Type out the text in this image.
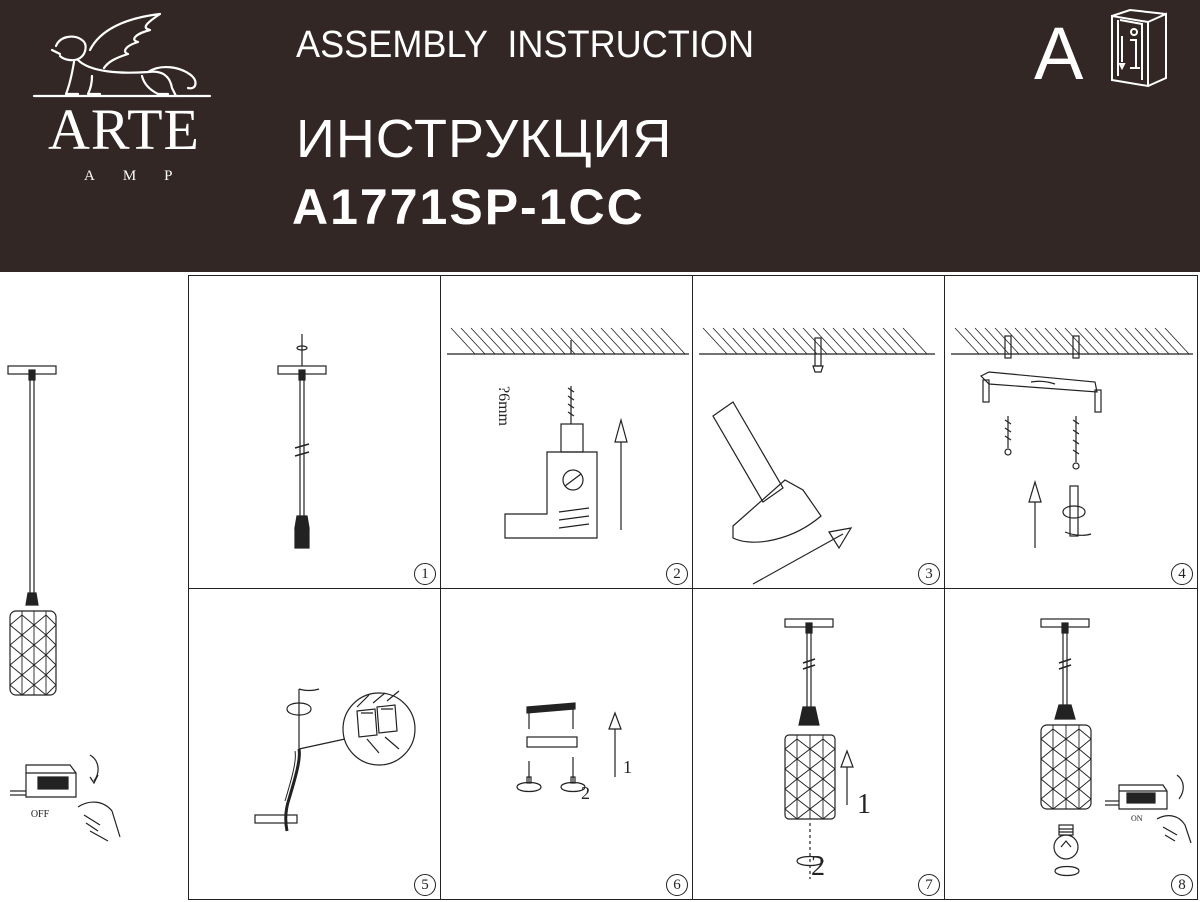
ARTE
AMP
ASSEMBLY  INSTRUCTION
ИНСТРУКЦИЯ
A1771SP-1CC
A
OFF
1
?6mm
2	3	4
5
1
2
6
1
2
7
ON
8
